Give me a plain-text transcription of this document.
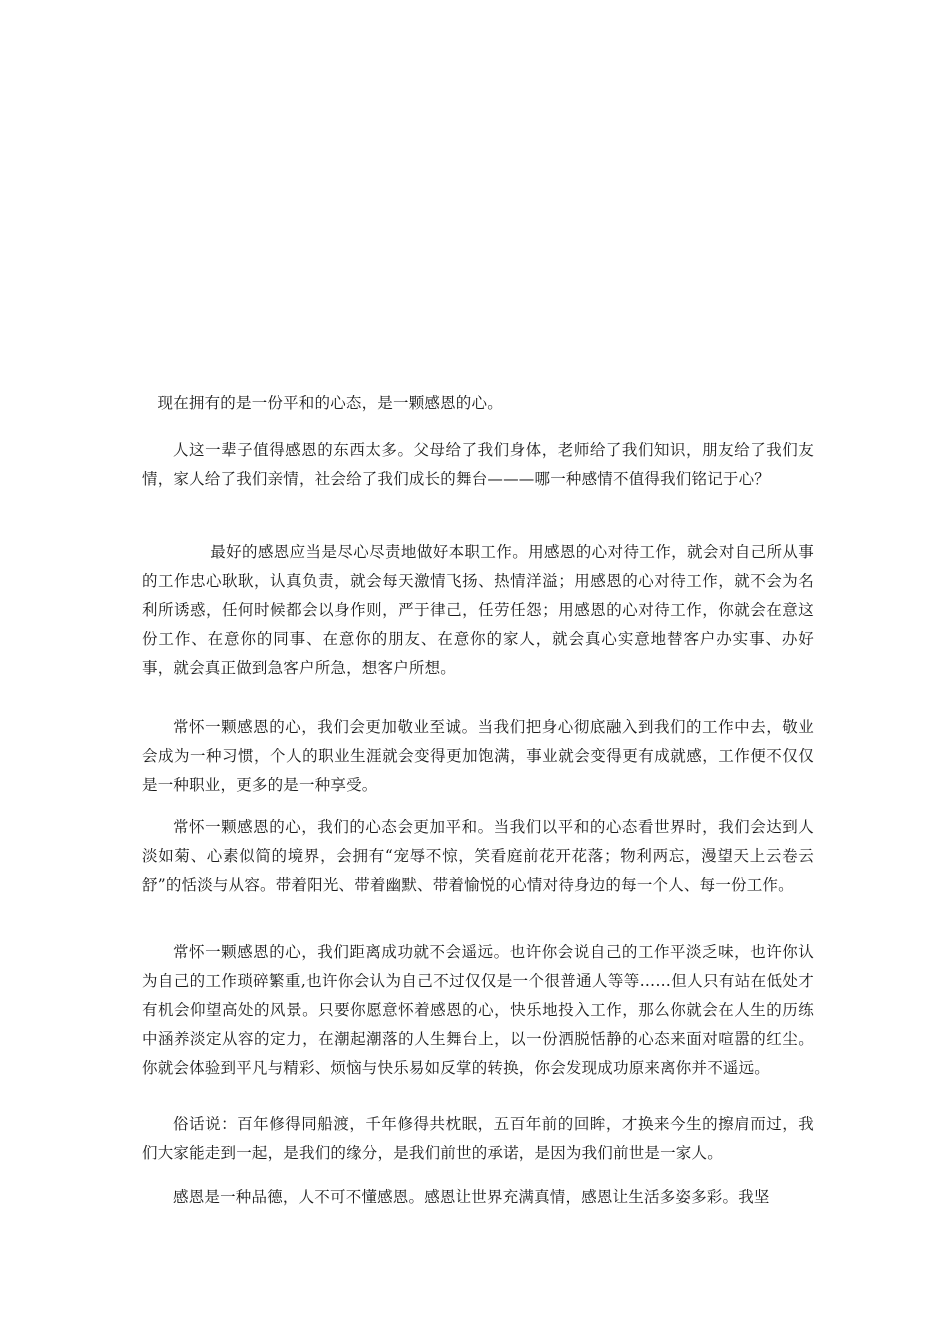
现在拥有的是一份平和的心态，是一颗感恩的心。

人这一辈子值得感恩的东西太多。父母给了我们身体，老师给了我们知识，朋友给了我们友情，家人给了我们亲情，社会给了我们成长的舞台———哪一种感情不值得我们铭记于心？

最好的感恩应当是尽心尽责地做好本职工作。用感恩的心对待工作，就会对自己所从事的工作忠心耿耿，认真负责，就会每天激情飞扬、热情洋溢；用感恩的心对待工作，就不会为名利所诱惑，任何时候都会以身作则，严于律己，任劳任怨；用感恩的心对待工作，你就会在意这份工作、在意你的同事、在意你的朋友、在意你的家人，就会真心实意地替客户办实事、办好事，就会真正做到急客户所急，想客户所想。

常怀一颗感恩的心，我们会更加敬业至诚。当我们把身心彻底融入到我们的工作中去，敬业会成为一种习惯，个人的职业生涯就会变得更加饱满，事业就会变得更有成就感，工作便不仅仅是一种职业，更多的是一种享受。

常怀一颗感恩的心，我们的心态会更加平和。当我们以平和的心态看世界时，我们会达到人淡如菊、心素似简的境界，会拥有“宠辱不惊，笑看庭前花开花落；物利两忘，漫望天上云卷云舒”的恬淡与从容。带着阳光、带着幽默、带着愉悦的心情对待身边的每一个人、每一份工作。

常怀一颗感恩的心，我们距离成功就不会遥远。也许你会说自己的工作平淡乏味，也许你认为自己的工作琐碎繁重,也许你会认为自己不过仅仅是一个很普通人等等……但人只有站在低处才有机会仰望高处的风景。只要你愿意怀着感恩的心，快乐地投入工作，那么你就会在人生的历练中涵养淡定从容的定力，在潮起潮落的人生舞台上，以一份洒脱恬静的心态来面对喧嚣的红尘。你就会体验到平凡与精彩、烦恼与快乐易如反掌的转换，你会发现成功原来离你并不遥远。

俗话说：百年修得同船渡，千年修得共枕眠，五百年前的回眸，才换来今生的擦肩而过，我们大家能走到一起，是我们的缘分，是我们前世的承诺，是因为我们前世是一家人。

感恩是一种品德，人不可不懂感恩。感恩让世界充满真情，感恩让生活多姿多彩。我坚
